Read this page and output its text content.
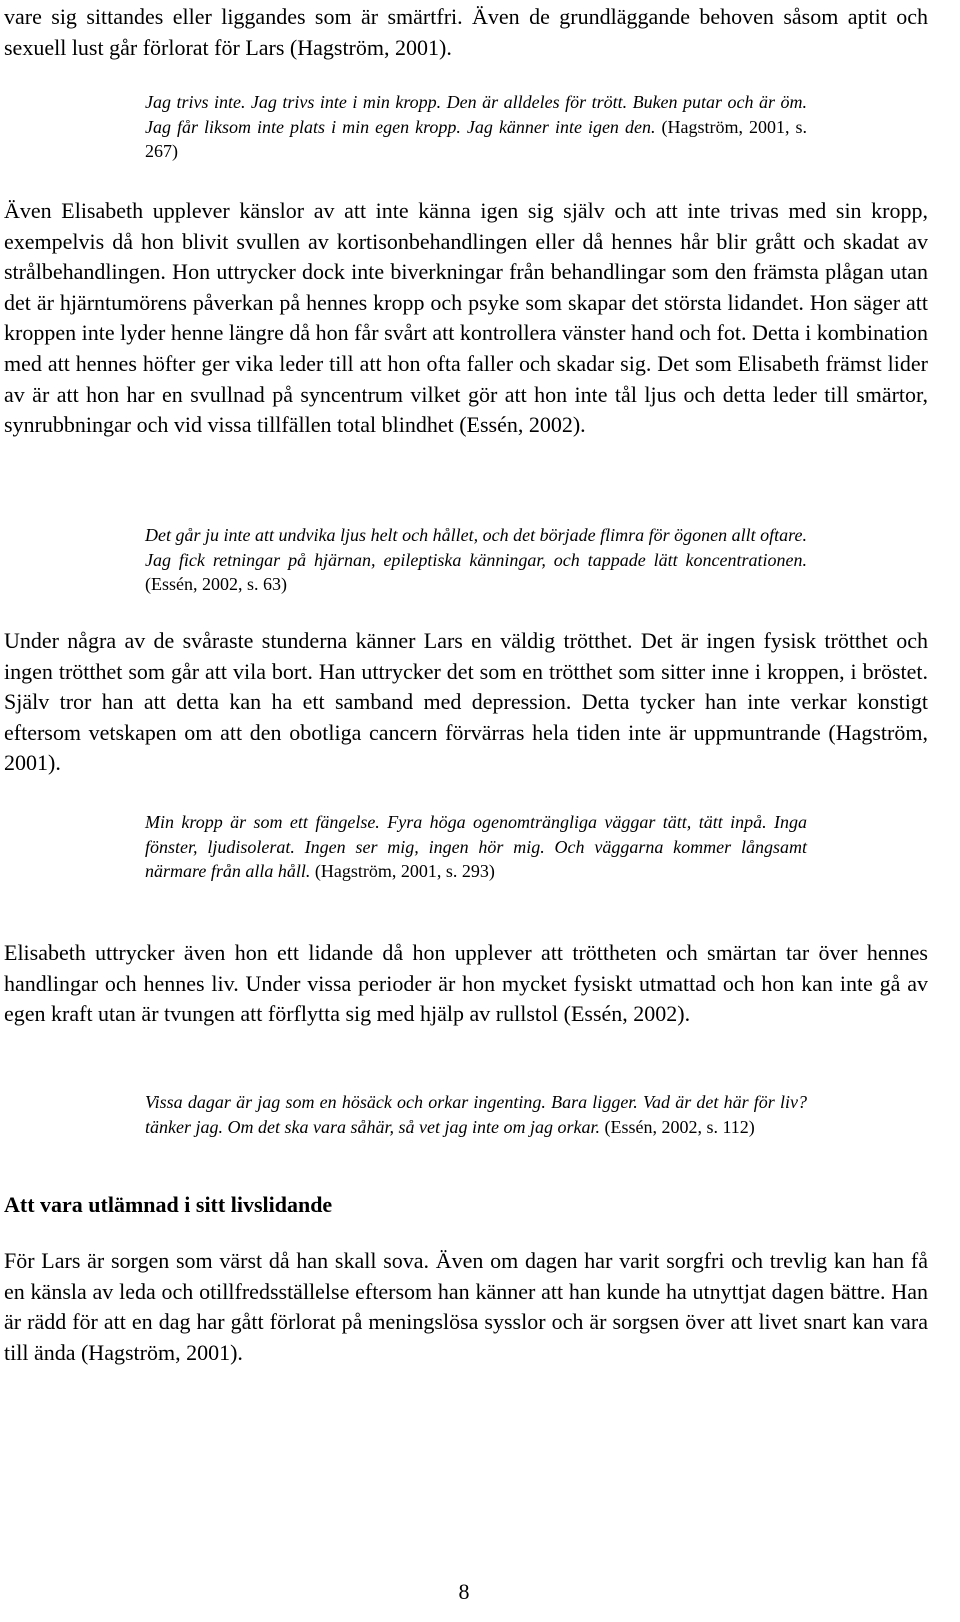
vare sig sittandes eller liggandes som är smärtfri. Även de grundläggande behoven såsom aptit och sexuell lust går förlorat för Lars (Hagström, 2001).

Jag trivs inte. Jag trivs inte i min kropp. Den är alldeles för trött. Buken putar och är öm. Jag får liksom inte plats i min egen kropp. Jag känner inte igen den. (Hagström, 2001, s. 267)

Även Elisabeth upplever känslor av att inte känna igen sig själv och att inte trivas med sin kropp, exempelvis då hon blivit svullen av kortisonbehandlingen eller då hennes hår blir grått och skadat av strålbehandlingen. Hon uttrycker dock inte biverkningar från behandlingar som den främsta plågan utan det är hjärntumörens påverkan på hennes kropp och psyke som skapar det största lidandet. Hon säger att kroppen inte lyder henne längre då hon får svårt att kontrollera vänster hand och fot. Detta i kombination med att hennes höfter ger vika leder till att hon ofta faller och skadar sig. Det som Elisabeth främst lider av är att hon har en svullnad på syncentrum vilket gör att hon inte tål ljus och detta leder till smärtor, synrubbningar och vid vissa tillfällen total blindhet (Essén, 2002).

Det går ju inte att undvika ljus helt och hållet, och det började flimra för ögonen allt oftare. Jag fick retningar på hjärnan, epileptiska känningar, och tappade lätt koncentrationen. (Essén, 2002, s. 63)

Under några av de svåraste stunderna känner Lars en väldig trötthet. Det är ingen fysisk trötthet och ingen trötthet som går att vila bort. Han uttrycker det som en trötthet som sitter inne i kroppen, i bröstet. Själv tror han att detta kan ha ett samband med depression. Detta tycker han inte verkar konstigt eftersom vetskapen om att den obotliga cancern förvärras hela tiden inte är uppmuntrande (Hagström, 2001).

Min kropp är som ett fängelse. Fyra höga ogenomträngliga väggar tätt, tätt inpå. Inga fönster, ljudisolerat. Ingen ser mig, ingen hör mig. Och väggarna kommer långsamt närmare från alla håll. (Hagström, 2001, s. 293)

Elisabeth uttrycker även hon ett lidande då hon upplever att tröttheten och smärtan tar över hennes handlingar och hennes liv. Under vissa perioder är hon mycket fysiskt utmattad och hon kan inte gå av egen kraft utan är tvungen att förflytta sig med hjälp av rullstol (Essén, 2002).

Vissa dagar är jag som en hösäck och orkar ingenting. Bara ligger. Vad är det här för liv? tänker jag. Om det ska vara såhär, så vet jag inte om jag orkar. (Essén, 2002, s. 112)

Att vara utlämnad i sitt livslidande

För Lars är sorgen som värst då han skall sova. Även om dagen har varit sorgfri och trevlig kan han få en känsla av leda och otillfredsställelse eftersom han känner att han kunde ha utnyttjat dagen bättre. Han är rädd för att en dag har gått förlorat på meningslösa sysslor och är sorgsen över att livet snart kan vara till ända (Hagström, 2001).

8
